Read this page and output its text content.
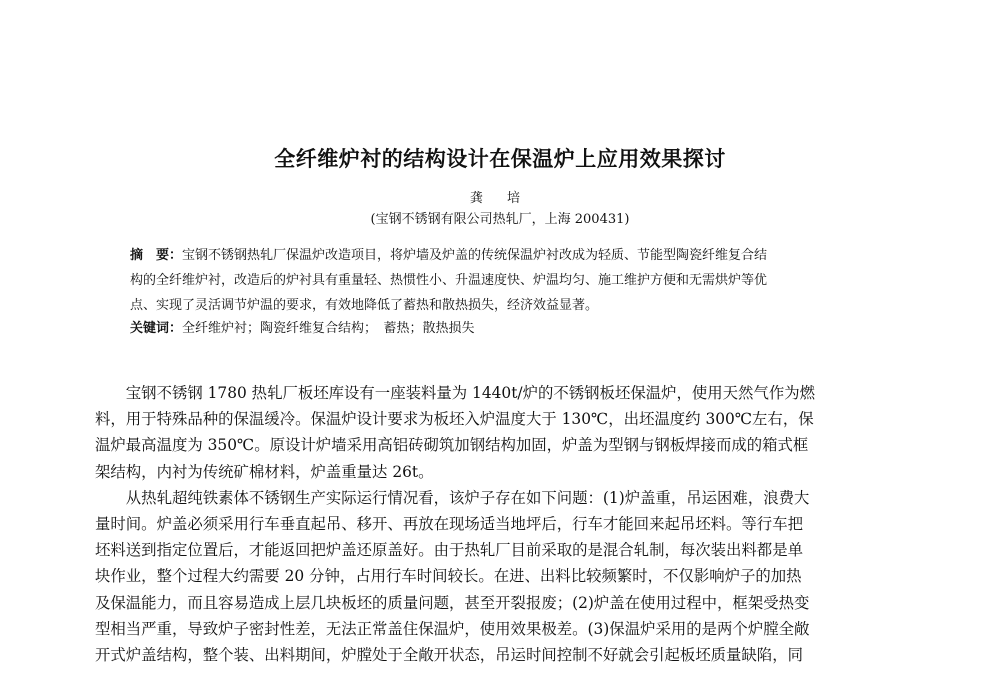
全纤维炉衬的结构设计在保温炉上应用效果探讨
龚 培
(宝钢不锈钢有限公司热轧厂，上海 200431)
摘　要：宝钢不锈钢热轧厂保温炉改造项目，将炉墙及炉盖的传统保温炉衬改成为轻质、节能型陶瓷纤维复合结
构的全纤维炉衬，改造后的炉衬具有重量轻、热惯性小、升温速度快、炉温均匀、施工维护方便和无需烘炉等优
点、实现了灵活调节炉温的要求，有效地降低了蓄热和散热损失，经济效益显著。
关键词：全纤维炉衬；陶瓷纤维复合结构；　蓄热；散热损失
　　宝钢不锈钢 1780 热轧厂板坯库设有一座装料量为 1440t/炉的不锈钢板坯保温炉，使用天然气作为燃
料，用于特殊品种的保温缓冷。保温炉设计要求为板坯入炉温度大于 130℃，出坯温度约 300℃左右，保
温炉最高温度为 350℃。原设计炉墙采用高铝砖砌筑加钢结构加固，炉盖为型钢与钢板焊接而成的箱式框
架结构，内衬为传统矿棉材料，炉盖重量达 26t。
　　从热轧超纯铁素体不锈钢生产实际运行情况看，该炉子存在如下问题：(1)炉盖重，吊运困难，浪费大
量时间。炉盖必须采用行车垂直起吊、移开、再放在现场适当地坪后，行车才能回来起吊坯料。等行车把
坯料送到指定位置后，才能返回把炉盖还原盖好。由于热轧厂目前采取的是混合轧制，每次装出料都是单
块作业，整个过程大约需要 20 分钟，占用行车时间较长。在进、出料比较频繁时，不仅影响炉子的加热
及保温能力，而且容易造成上层几块板坯的质量问题，甚至开裂报废；(2)炉盖在使用过程中，框架受热变
型相当严重，导致炉子密封性差，无法正常盖住保温炉，使用效果极差。(3)保温炉采用的是两个炉膛全敞
开式炉盖结构，整个装、出料期间，炉膛处于全敞开状态，吊运时间控制不好就会引起板坯质量缺陷，同
